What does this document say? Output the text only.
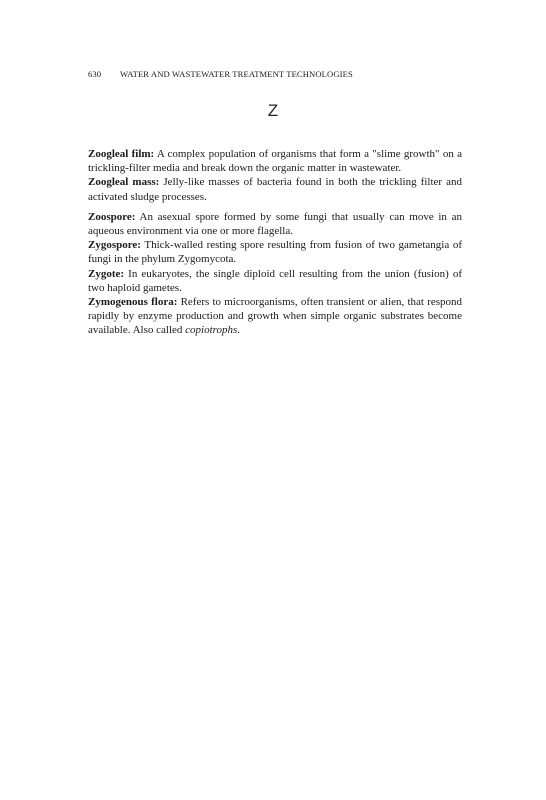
630 WATER AND WASTEWATER TREATMENT TECHNOLOGIES
Z

Zoogleal film: A complex population of organisms that form a "slime growth" on a trickling-filter media and break down the organic matter in wastewater.

Zoogleal mass: Jelly-like masses of bacteria found in both the trickling filter and activated sludge processes.

Zoospore: An asexual spore formed by some fungi that usually can move in an aqueous environment via one or more flagella.

Zygospore: Thick-walled resting spore resulting from fusion of two gametangia of fungi in the phylum Zygomycota.

Zygote: In eukaryotes, the single diploid cell resulting from the union (fusion) of two haploid gametes.

Zymogenous flora: Refers to microorganisms, often transient or alien, that respond rapidly by enzyme production and growth when simple organic substrates become available. Also called copiotrophs.
